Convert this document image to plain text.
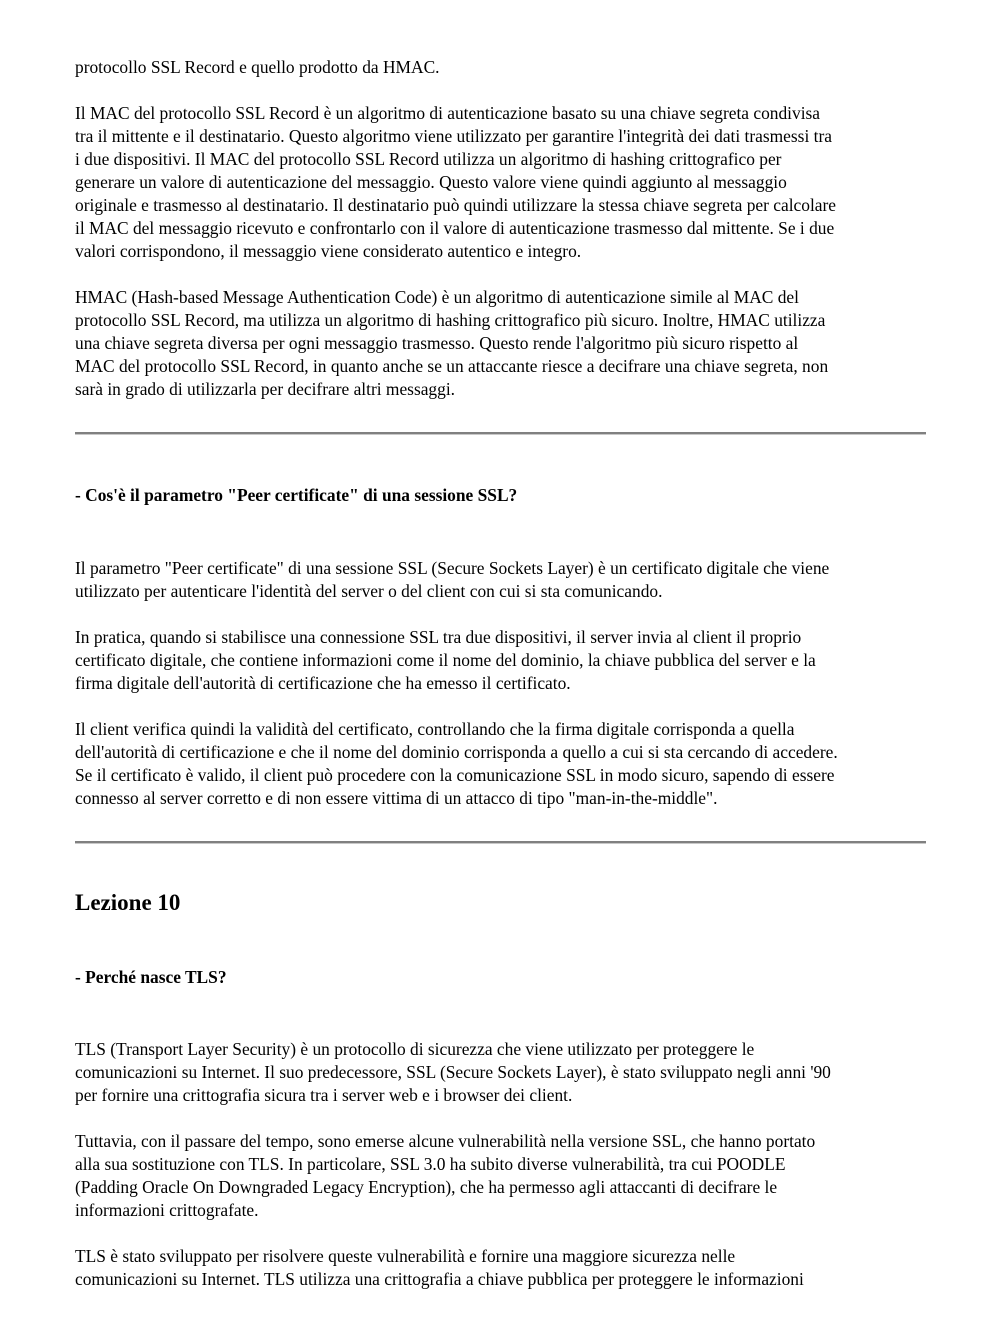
protocollo SSL Record e quello prodotto da HMAC.

Il MAC del protocollo SSL Record è un algoritmo di autenticazione basato su una chiave segreta condivisa

tra il mittente e il destinatario. Questo algoritmo viene utilizzato per garantire l'integrità dei dati trasmessi tra

i due dispositivi. Il MAC del protocollo SSL Record utilizza un algoritmo di hashing crittografico per

generare un valore di autenticazione del messaggio. Questo valore viene quindi aggiunto al messaggio

originale e trasmesso al destinatario. Il destinatario può quindi utilizzare la stessa chiave segreta per calcolare

il MAC del messaggio ricevuto e confrontarlo con il valore di autenticazione trasmesso dal mittente. Se i due

valori corrispondono, il messaggio viene considerato autentico e integro.

HMAC (Hash-based Message Authentication Code) è un algoritmo di autenticazione simile al MAC del

protocollo SSL Record, ma utilizza un algoritmo di hashing crittografico più sicuro. Inoltre, HMAC utilizza

una chiave segreta diversa per ogni messaggio trasmesso. Questo rende l'algoritmo più sicuro rispetto al

MAC del protocollo SSL Record, in quanto anche se un attaccante riesce a decifrare una chiave segreta, non

sarà in grado di utilizzarla per decifrare altri messaggi.

- Cos'è il parametro "Peer certificate" di una sessione SSL?

Il parametro "Peer certificate" di una sessione SSL (Secure Sockets Layer) è un certificato digitale che viene

utilizzato per autenticare l'identità del server o del client con cui si sta comunicando.

In pratica, quando si stabilisce una connessione SSL tra due dispositivi, il server invia al client il proprio

certificato digitale, che contiene informazioni come il nome del dominio, la chiave pubblica del server e la

firma digitale dell'autorità di certificazione che ha emesso il certificato.

Il client verifica quindi la validità del certificato, controllando che la firma digitale corrisponda a quella

dell'autorità di certificazione e che il nome del dominio corrisponda a quello a cui si sta cercando di accedere.

Se il certificato è valido, il client può procedere con la comunicazione SSL in modo sicuro, sapendo di essere

connesso al server corretto e di non essere vittima di un attacco di tipo "man-in-the-middle".

Lezione 10

- Perché nasce TLS?

TLS (Transport Layer Security) è un protocollo di sicurezza che viene utilizzato per proteggere le

comunicazioni su Internet. Il suo predecessore, SSL (Secure Sockets Layer), è stato sviluppato negli anni '90

per fornire una crittografia sicura tra i server web e i browser dei client.

Tuttavia, con il passare del tempo, sono emerse alcune vulnerabilità nella versione SSL, che hanno portato

alla sua sostituzione con TLS. In particolare, SSL 3.0 ha subito diverse vulnerabilità, tra cui POODLE

(Padding Oracle On Downgraded Legacy Encryption), che ha permesso agli attaccanti di decifrare le

informazioni crittografate.

TLS è stato sviluppato per risolvere queste vulnerabilità e fornire una maggiore sicurezza nelle

comunicazioni su Internet. TLS utilizza una crittografia a chiave pubblica per proteggere le informazioni
